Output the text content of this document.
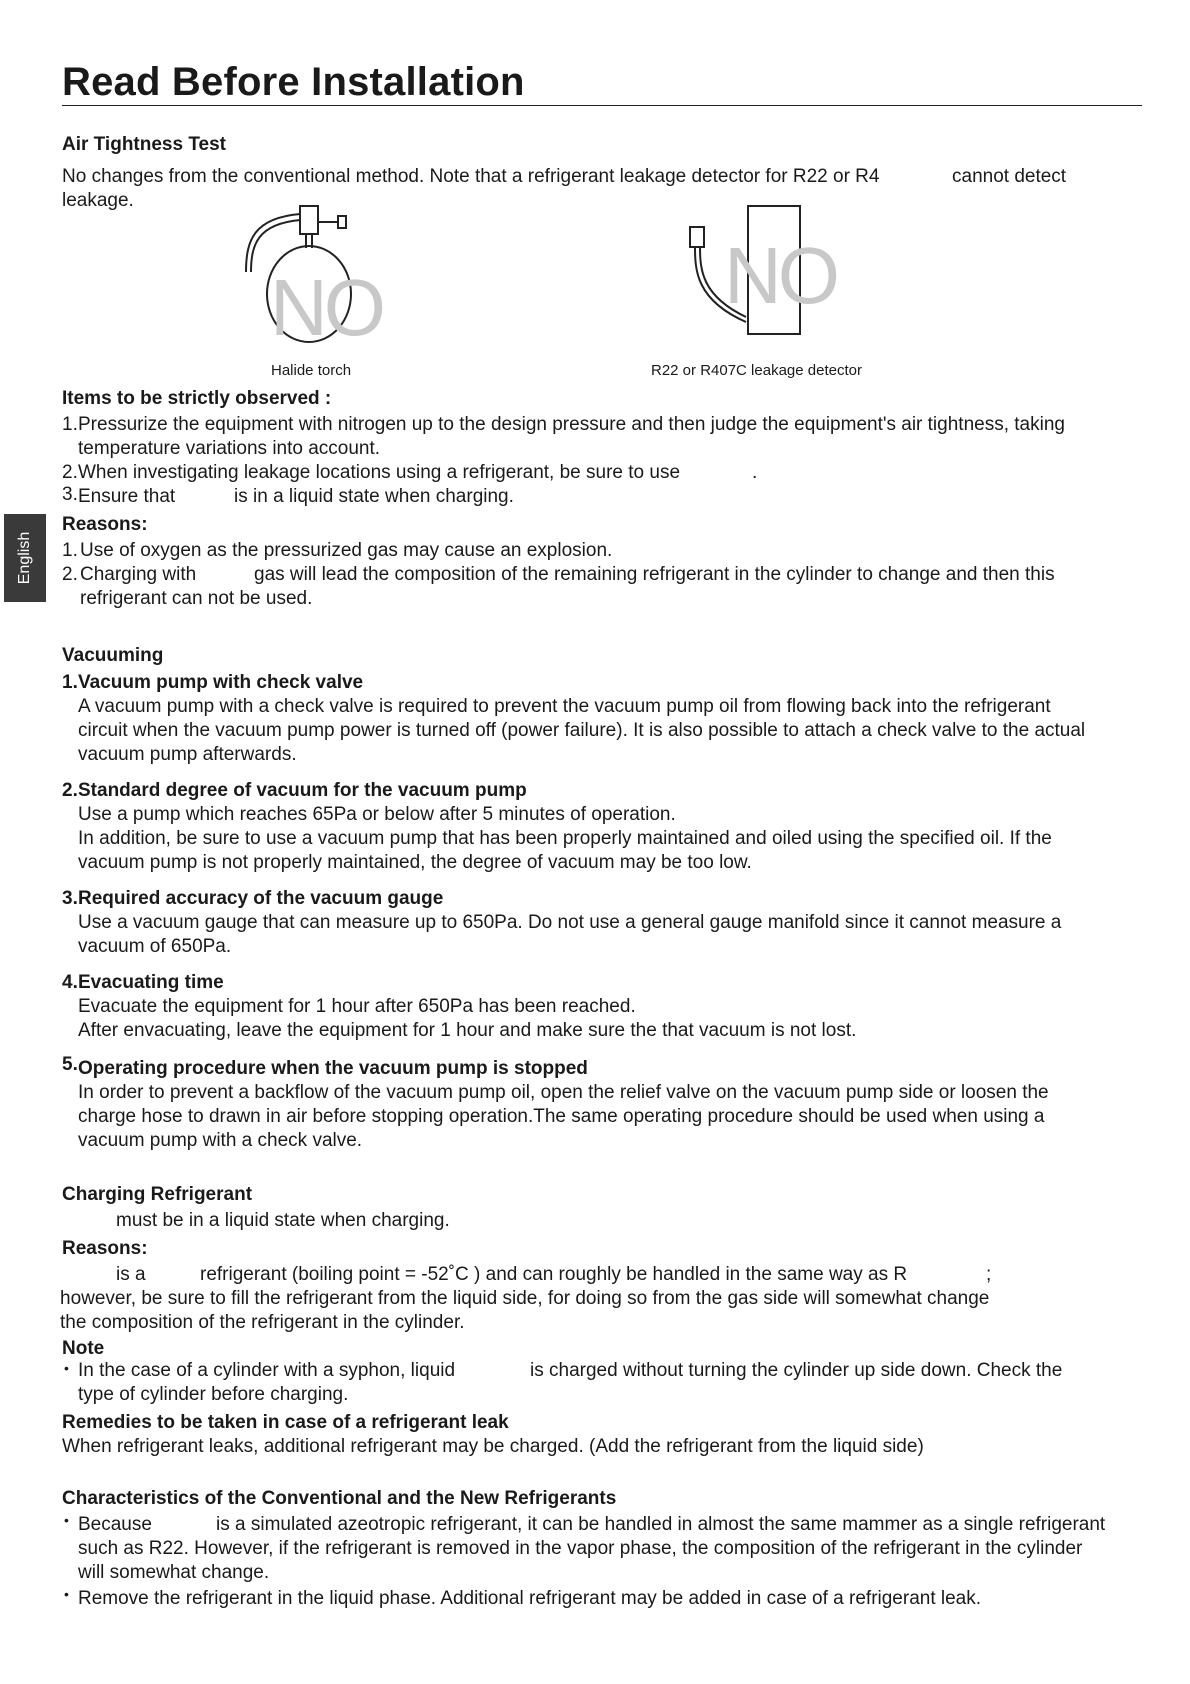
Read Before Installation
English
Air Tightness Test
No changes from the conventional method. Note that a refrigerant leakage detector for R22 or R4	cannot detect
leakage.
NO
Halide torch
NO
R22 or R407C leakage detector
Items to be strictly observed :
1. Pressurize the equipment with nitrogen up to the design pressure and then judge the equipment's air tightness, taking
temperature variations into account.
2. When investigating leakage locations using a refrigerant, be sure to use	.
3. Ensure that	is in a liquid state when charging.
Reasons:
1. Use of oxygen as the pressurized gas may cause an explosion.
2. Charging with	gas will lead the composition of the remaining refrigerant in the cylinder to change and then this
refrigerant can not be used.
Vacuuming
1. Vacuum pump with check valve
A vacuum pump with a check valve is required to prevent the vacuum pump oil from flowing back into the refrigerant
circuit when the vacuum pump power is turned off (power failure). It is also possible to attach a check valve to the actual
vacuum pump afterwards.
2. Standard degree of vacuum for the vacuum pump
Use a pump which reaches 65Pa or below after 5 minutes of operation.
In addition, be sure to use a vacuum pump that has been properly maintained and oiled using the specified oil. If the
vacuum pump is not properly maintained, the degree of vacuum may be too low.
3. Required accuracy of the vacuum gauge
Use a vacuum gauge that can measure up to 650Pa. Do not use a general gauge manifold since it cannot measure a
vacuum of 650Pa.
4. Evacuating time
Evacuate the equipment for 1 hour after 650Pa has been reached.
After envacuating, leave the equipment for 1 hour and make sure the that vacuum is not lost.
5. Operating procedure when the vacuum pump is stopped
In order to prevent a backflow of the vacuum pump oil, open the relief valve on the vacuum pump side or loosen the
charge hose to drawn in air before stopping operation.The same operating procedure should be used when using a
vacuum pump with a check valve.
Charging Refrigerant
must be in a liquid state when charging.
Reasons:
is a	refrigerant (boiling point = -52˚C ) and can roughly be handled in the same way as R	;
however, be sure to fill the refrigerant from the liquid side, for doing so from the gas side will somewhat change
the composition of the refrigerant in the cylinder.
Note
• In the case of a cylinder with a syphon, liquid	is charged without turning the cylinder up side down. Check the
type of cylinder before charging.
Remedies to be taken in case of a refrigerant leak
When refrigerant leaks, additional refrigerant may be charged. (Add the refrigerant from the liquid side)
Characteristics of the Conventional and the New Refrigerants
• Because	is a simulated azeotropic refrigerant, it can be handled in almost the same mammer as a single refrigerant
such as R22. However, if the refrigerant is removed in the vapor phase, the composition of the refrigerant in the cylinder
will somewhat change.
• Remove the refrigerant in the liquid phase. Additional refrigerant may be added in case of a refrigerant leak.
